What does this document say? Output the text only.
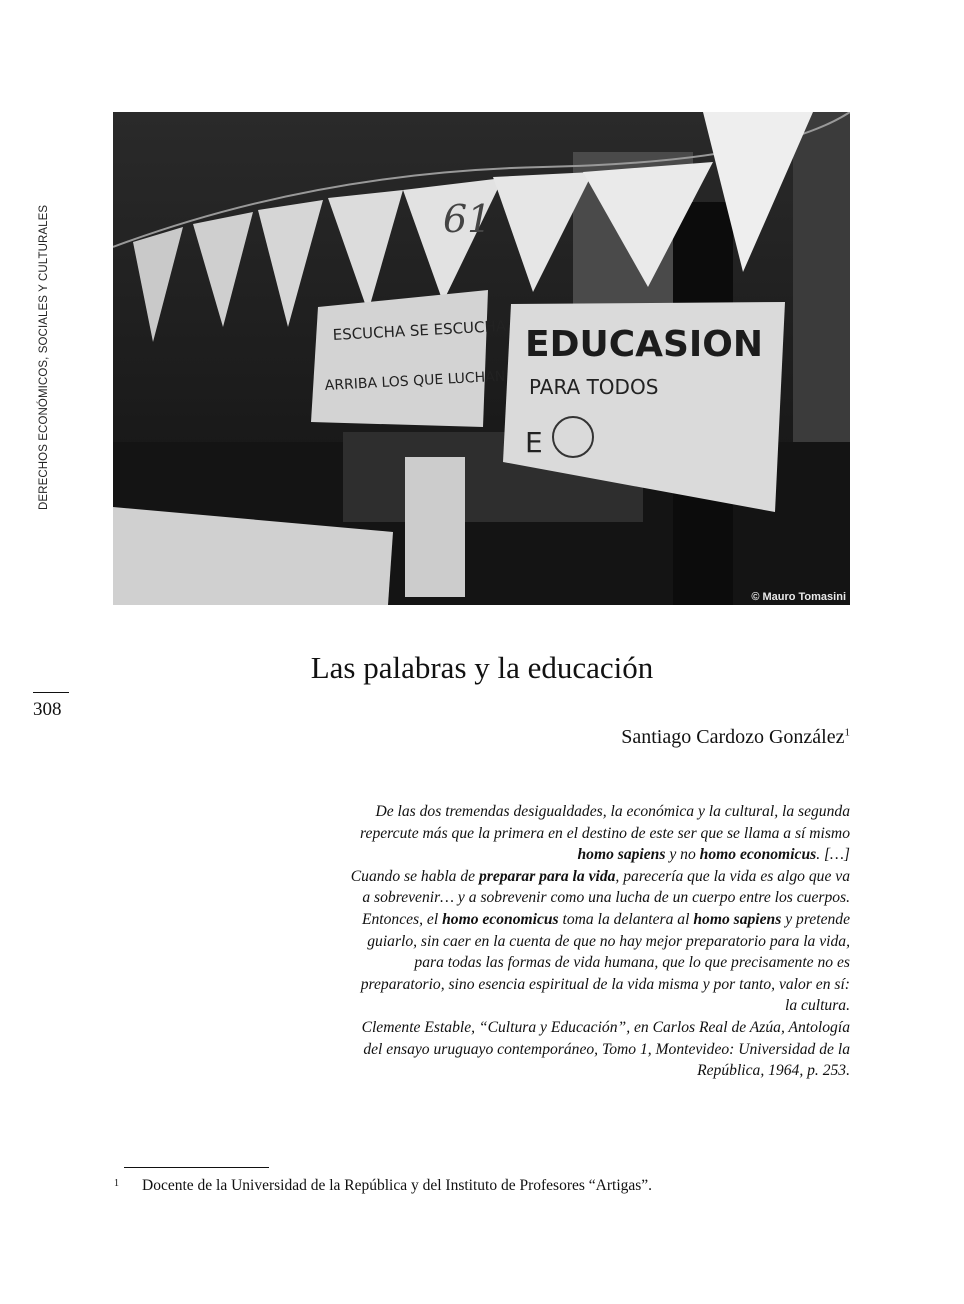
DERECHOS ECONÓMICOS, SOCIALES Y CULTURALES
308
61
ESCUCHA SE ESCUCHA
ARRIBA LOS QUE LUCHAN
EDUCASION
PARA TODOS
E
© Mauro Tomasini
Las palabras y la educación
Santiago Cardozo González$^1$

De las dos tremendas desigualdades, la económica y la cultural, la segunda repercute más que la primera en el destino de este ser que se llama a sí mismo homo sapiens y no homo economicus. […]

Cuando se habla de preparar para la vida, parecería que la vida es algo que va a sobrevenir… y a sobrevenir como una lucha de un cuerpo entre los cuerpos. Entonces, el homo economicus toma la delantera al homo sapiens y pretende guiarlo, sin caer en la cuenta de que no hay mejor preparatorio para la vida, para todas las formas de vida humana, que lo que precisamente no es preparatorio, sino esencia espiritual de la vida misma y por tanto, valor en sí: la cultura.

Clemente Estable, “Cultura y Educación”, en Carlos Real de Azúa, Antología del ensayo uruguayo contemporáneo, Tomo 1, Montevideo: Universidad de la República, 1964, p. 253.

1 Docente de la Universidad de la República y del Instituto de Profesores “Artigas”.
